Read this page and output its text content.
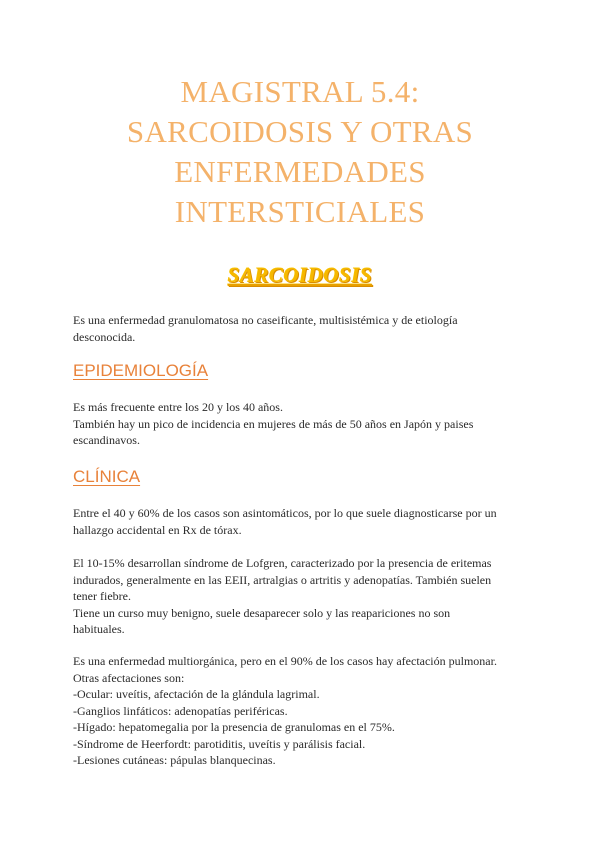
MAGISTRAL 5.4:
SARCOIDOSIS Y OTRAS
ENFERMEDADES
INTERSTICIALES
SARCOIDOSIS

Es una enfermedad granulomatosa no caseificante, multisistémica y de etiología

desconocida.

EPIDEMIOLOGÍA

Es más frecuente entre los 20 y los 40 años.

También hay un pico de incidencia en mujeres de más de 50 años en Japón y paises

escandinavos.

CLÍNICA

Entre el 40 y 60% de los casos son asintomáticos, por lo que suele diagnosticarse por un

hallazgo accidental en Rx de tórax.

El 10-15% desarrollan síndrome de Lofgren, caracterizado por la presencia de eritemas

indurados, generalmente en las EEII, artralgias o artritis y adenopatías. También suelen

tener fiebre.

Tiene un curso muy benigno, suele desaparecer solo y las reapariciones no son

habituales.

Es una enfermedad multiorgánica, pero en el 90% de los casos hay afectación pulmonar.

Otras afectaciones son:

-Ocular: uveítis, afectación de la glándula lagrimal.

-Ganglios linfáticos: adenopatías periféricas.

-Hígado: hepatomegalia por la presencia de granulomas en el 75%.

-Síndrome de Heerfordt: parotiditis, uveítis y parálisis facial.

-Lesiones cutáneas: pápulas blanquecinas.
